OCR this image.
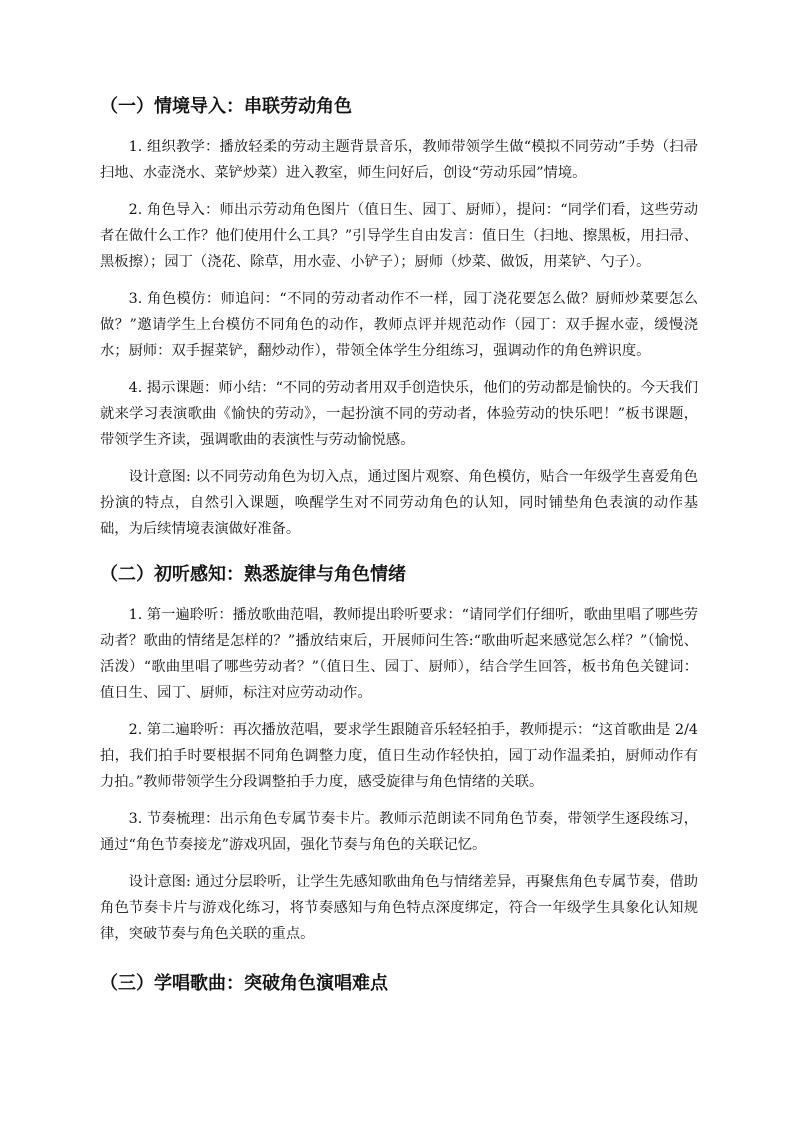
（一）情境导入：串联劳动角色

1. 组织教学：播放轻柔的劳动主题背景音乐，教师带领学生做“模拟不同劳动”手势（扫帚扫地、水壶浇水、菜铲炒菜）进入教室，师生问好后，创设“劳动乐园”情境。

2. 角色导入：师出示劳动角色图片（值日生、园丁、厨师），提问：“同学们看，这些劳动者在做什么工作？他们使用什么工具？”引导学生自由发言：值日生（扫地、擦黑板，用扫帚、黑板擦）；园丁（浇花、除草，用水壶、小铲子）；厨师（炒菜、做饭，用菜铲、勺子）。

3. 角色模仿：师追问：“不同的劳动者动作不一样，园丁浇花要怎么做？厨师炒菜要怎么做？”邀请学生上台模仿不同角色的动作，教师点评并规范动作（园丁：双手握水壶，缓慢浇水；厨师：双手握菜铲，翻炒动作），带领全体学生分组练习，强调动作的角色辨识度。

4. 揭示课题：师小结：“不同的劳动者用双手创造快乐，他们的劳动都是愉快的。今天我们就来学习表演歌曲《愉快的劳动》，一起扮演不同的劳动者，体验劳动的快乐吧！”板书课题，带领学生齐读，强调歌曲的表演性与劳动愉悦感。

设计意图: 以不同劳动角色为切入点，通过图片观察、角色模仿，贴合一年级学生喜爱角色扮演的特点，自然引入课题，唤醒学生对不同劳动角色的认知，同时铺垫角色表演的动作基础，为后续情境表演做好准备。

（二）初听感知：熟悉旋律与角色情绪

1. 第一遍聆听：播放歌曲范唱，教师提出聆听要求：“请同学们仔细听，歌曲里唱了哪些劳动者？歌曲的情绪是怎样的？”播放结束后，开展师问生答:“歌曲听起来感觉怎么样？”（愉悦、活泼）“歌曲里唱了哪些劳动者？”（值日生、园丁、厨师），结合学生回答，板书角色关键词：值日生、园丁、厨师，标注对应劳动动作。

2. 第二遍聆听：再次播放范唱，要求学生跟随音乐轻轻拍手，教师提示：“这首歌曲是 2/4 拍，我们拍手时要根据不同角色调整力度，值日生动作轻快拍，园丁动作温柔拍，厨师动作有力拍。”教师带领学生分段调整拍手力度，感受旋律与角色情绪的关联。

3. 节奏梳理：出示角色专属节奏卡片。教师示范朗读不同角色节奏，带领学生逐段练习，通过“角色节奏接龙”游戏巩固，强化节奏与角色的关联记忆。

设计意图: 通过分层聆听，让学生先感知歌曲角色与情绪差异，再聚焦角色专属节奏，借助角色节奏卡片与游戏化练习，将节奏感知与角色特点深度绑定，符合一年级学生具象化认知规律，突破节奏与角色关联的重点。

（三）学唱歌曲：突破角色演唱难点
